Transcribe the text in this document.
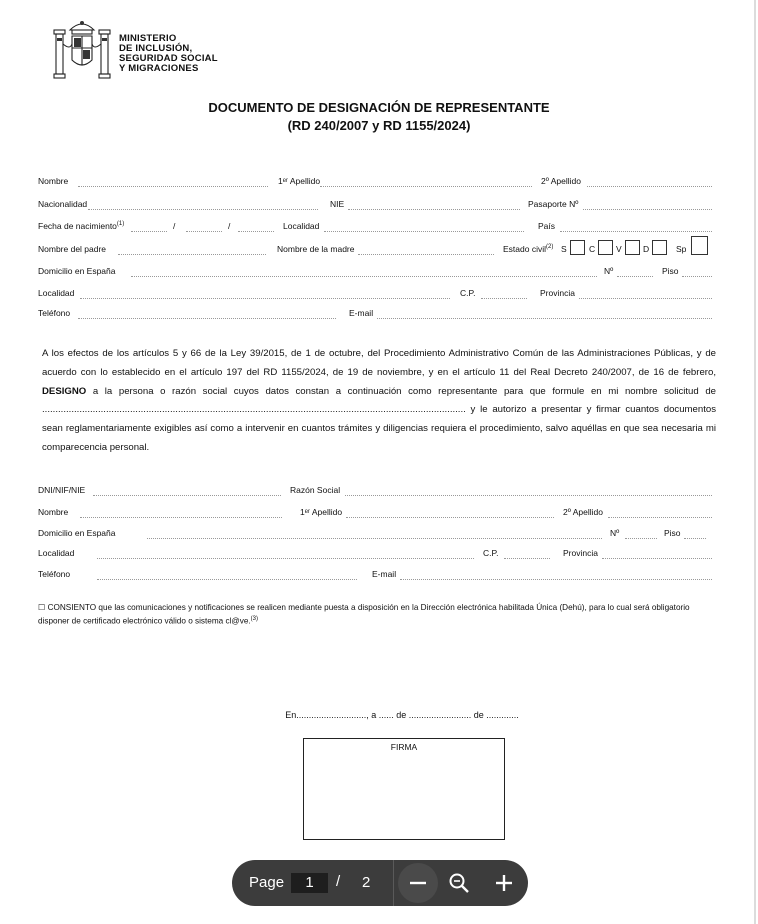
MINISTERIO
DE INCLUSIÓN,
SEGURIDAD SOCIAL
Y MIGRACIONES
DOCUMENTO DE DESIGNACIÓN DE REPRESENTANTE
(RD 240/2007 y RD 1155/2024)
Nombre	1ᵉʳ Apellido	2º Apellido
Nacionalidad	NIE	Pasaporte Nº
Fecha de nacimiento$^{(1)}$	/	/	Localidad	País
Nombre del padre	Nombre de la madre	Estado civil$^{(2)}$ S	C V	D	Sp
Domicilio en España	Nº	Piso
Localidad	C.P.	Provincia
Teléfono	E-mail
A los efectos de los artículos 5 y 66 de la Ley 39/2015, de 1 de octubre, del Procedimiento Administrativo Común de las Administraciones Públicas, y de acuerdo con lo establecido en el artículo 197 del RD 1155/2024, de 19 de noviembre, y en el artículo 11 del Real Decreto 240/2007, de 16 de febrero, DESIGNO a la persona o razón social cuyos datos constan a continuación como representante para que formule en mi nombre solicitud de ............................................................................................................................................................... y le autorizo a presentar y firmar cuantos documentos sean reglamentariamente exigibles así como a intervenir en cuantos trámites y diligencias requiera el procedimiento, salvo aquéllas en que sea necesaria mi comparecencia personal.
DNI/NIF/NIE	Razón Social
Nombre	1ᵉʳ Apellido	2º Apellido
Domicilio en España	Nº	Piso
Localidad	C.P.	Provincia
Teléfono	E-mail
☐ CONSIENTO que las comunicaciones y notificaciones se realicen mediante puesta a disposición en la Dirección electrónica habilitada Única (Dehú), para lo cual será obligatorio disponer de certificado electrónico válido o sistema cl@ve.$^{(3)}$
En............................, a ...... de ......................... de .............
FIRMA
Page	1	/ 2
